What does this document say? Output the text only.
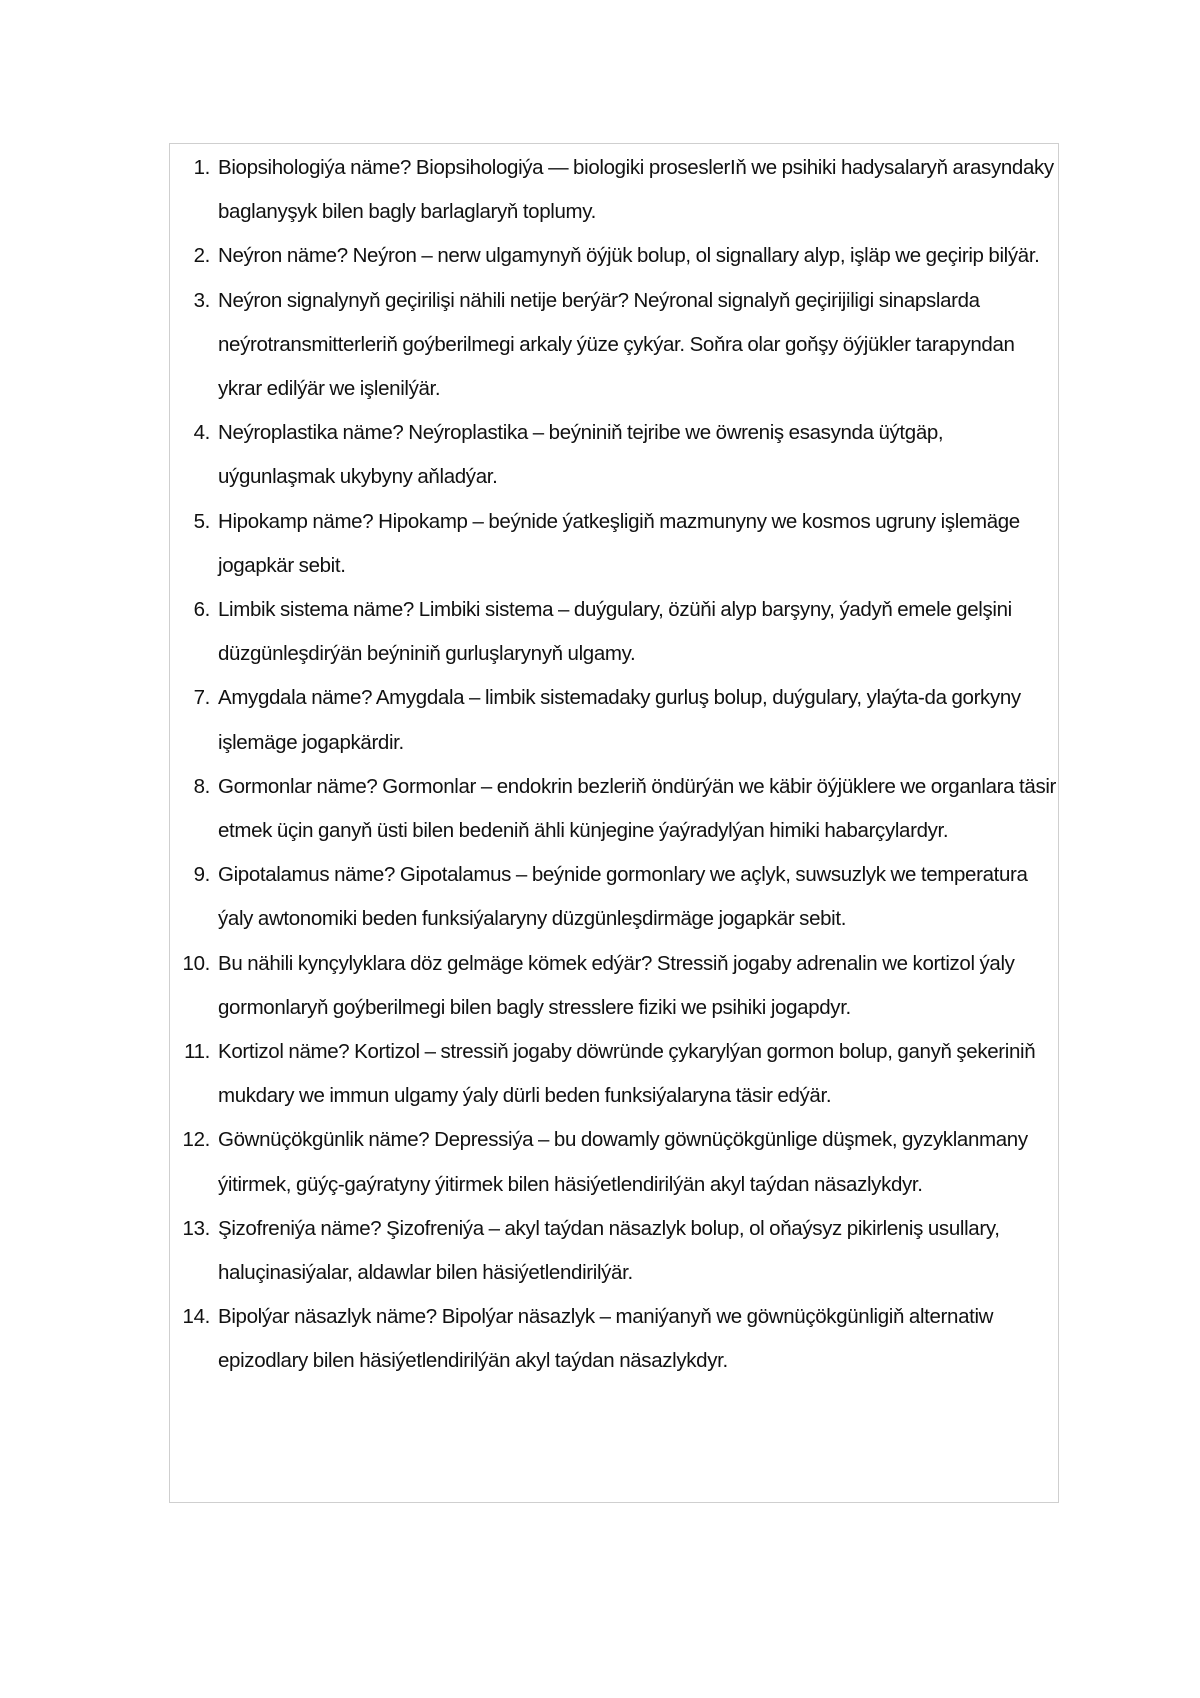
1. Biopsihologiýa näme? Biopsihologiýa — biologiki proseslerIň we psihiki hadysalaryň arasyndaky baglanyşyk bilen bagly barlaglaryň toplumy.
2. Neýron näme? Neýron – nerw ulgamynyň öýjük bolup, ol signallary alyp, işläp we geçirip bilýär.
3. Neýron signalynyň geçirilişi nähili netije berýär? Neýronal signalyň geçirijiligi sinapslarda neýrotransmitterleriň goýberilmegi arkaly ýüze çykýar. Soňra olar goňşy öýjükler tarapyndan ykrar edilýär we işlenilýär.
4. Neýroplastika näme? Neýroplastika – beýniniň tejribe we öwreniş esasynda üýtgäp, uýgunlaşmak ukybyny aňladýar.
5. Hipokamp näme? Hipokamp – beýnide ýatkeşligiň mazmunyny we kosmos ugruny işlemäge jogapkär sebit.
6. Limbik sistema näme? Limbiki sistema – duýgulary, özüňi alyp barşyny, ýadyň emele gelşini düzgünleşdirýän beýniniň gurluşlarynyň ulgamy.
7. Amygdala näme? Amygdala – limbik sistemadaky gurluş bolup, duýgulary, ylaýta-da gorkyny işlemäge jogapkärdir.
8. Gormonlar näme? Gormonlar – endokrin bezleriň öndürýän we käbir öýjüklere we organlara täsir etmek üçin ganyň üsti bilen bedeniň ähli künjegine ýaýradylýan himiki habarçylardyr.
9. Gipotalamus näme? Gipotalamus – beýnide gormonlary we açlyk, suwsuzlyk we temperatura ýaly awtonomiki beden funksiýalaryny düzgünleşdirmäge jogapkär sebit.
10. Bu nähili kynçylyklara döz gelmäge kömek edýär? Stressiň jogaby adrenalin we kortizol ýaly gormonlaryň goýberilmegi bilen bagly stresslere fiziki we psihiki jogapdyr.
11. Kortizol näme? Kortizol – stressiň jogaby döwründe çykarylýan gormon bolup, ganyň şekeriniň mukdary we immun ulgamy ýaly dürli beden funksiýalaryna täsir edýär.
12. Göwnüçökgünlik näme? Depressiýa – bu dowamly göwnüçökgünlige düşmek, gyzyklanmany ýitirmek, güýç-gaýratyny ýitirmek bilen häsiýetlendirilýän akyl taýdan näsazlykdyr.
13. Şizofreniýa näme? Şizofreniýa – akyl taýdan näsazlyk bolup, ol oňaýsyz pikirleniş usullary, haluçinasiýalar, aldawlar bilen häsiýetlendirilýär.
14. Bipolýar näsazlyk näme? Bipolýar näsazlyk – maniýanyň we göwnüçökgünligiň alternatiw epizodlary bilen häsiýetlendirilýän akyl taýdan näsazlykdyr.
